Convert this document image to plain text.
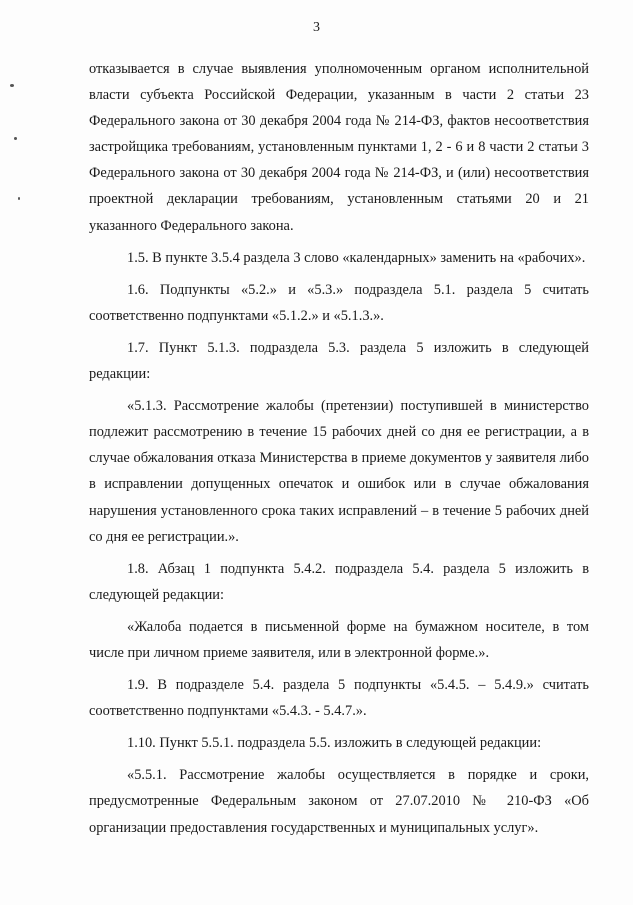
3

отказывается в случае выявления уполномоченным органом исполнительной власти субъекта Российской Федерации, указанным в части 2 статьи 23 Федерального закона от 30 декабря 2004 года № 214-ФЗ, фактов несоответствия застройщика требованиям, установленным пунктами 1, 2 - 6 и 8 части 2 статьи 3 Федерального закона от 30 декабря 2004 года № 214-ФЗ, и (или) несоответствия проектной декларации требованиям, установленным статьями 20 и 21 указанного Федерального закона.

1.5. В пункте 3.5.4 раздела 3 слово «календарных» заменить на «рабочих».

1.6. Подпункты «5.2.» и «5.3.» подраздела 5.1. раздела 5 считать соответственно подпунктами «5.1.2.» и «5.1.3.».

1.7. Пункт 5.1.3. подраздела 5.3. раздела 5 изложить в следующей редакции:

«5.1.3. Рассмотрение жалобы (претензии) поступившей в министерство подлежит рассмотрению в течение 15 рабочих дней со дня ее регистрации, а в случае обжалования отказа Министерства в приеме документов у заявителя либо в исправлении допущенных опечаток и ошибок или в случае обжалования нарушения установленного срока таких исправлений – в течение 5 рабочих дней со дня ее регистрации.».

1.8. Абзац 1 подпункта 5.4.2. подраздела 5.4. раздела 5 изложить в следующей редакции:

«Жалоба подается в письменной форме на бумажном носителе, в том числе при личном приеме заявителя, или в электронной форме.».

1.9. В подразделе 5.4. раздела 5 подпункты «5.4.5. – 5.4.9.» считать соответственно подпунктами «5.4.3. - 5.4.7.».

1.10. Пункт 5.5.1. подраздела 5.5. изложить в следующей редакции:

«5.5.1. Рассмотрение жалобы осуществляется в порядке и сроки, предусмотренные Федеральным законом от 27.07.2010 № 210-ФЗ «Об организации предоставления государственных и муниципальных услуг».
